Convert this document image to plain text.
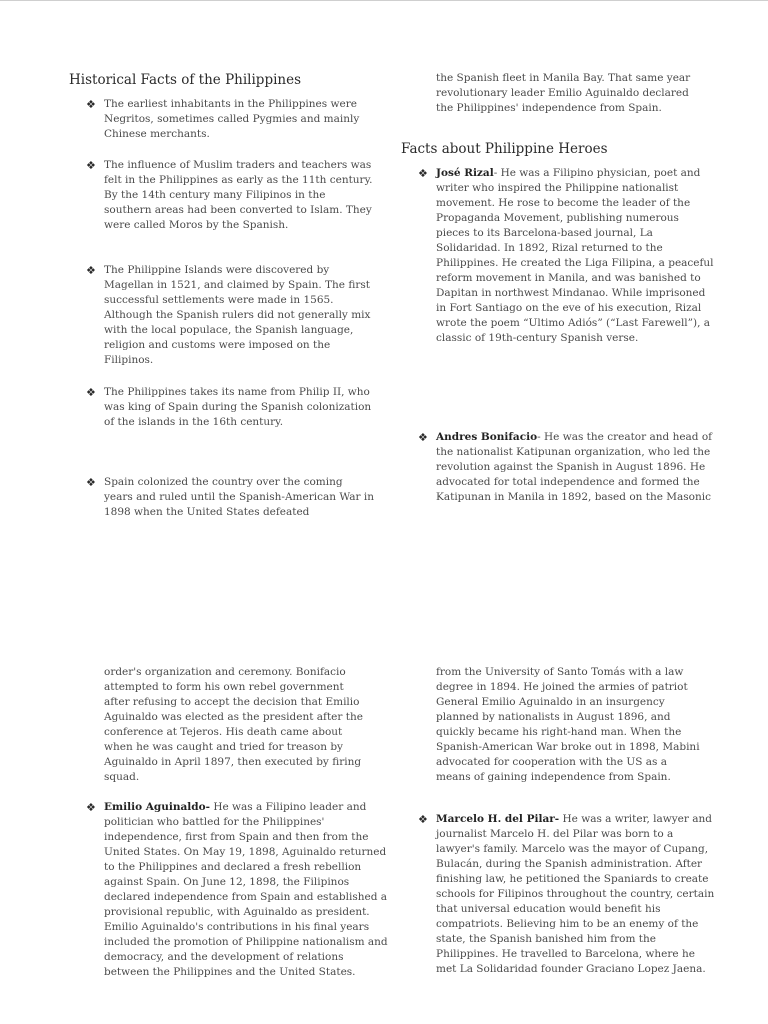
Historical Facts of the Philippines
❖ The earliest inhabitants in the Philippines were Negritos, sometimes called Pygmies and mainly Chinese merchants.

❖ The influence of Muslim traders and teachers was felt in the Philippines as early as the 11th century. By the 14th century many Filipinos in the southern areas had been converted to Islam. They were called Moros by the Spanish.

❖ The Philippine Islands were discovered by Magellan in 1521, and claimed by Spain. The first successful settlements were made in 1565. Although the Spanish rulers did not generally mix with the local populace, the Spanish language, religion and customs were imposed on the Filipinos.

❖ The Philippines takes its name from Philip II, who was king of Spain during the Spanish colonization of the islands in the 16th century.

❖ Spain colonized the country over the coming years and ruled until the Spanish-American War in 1898 when the United States defeated

the Spanish fleet in Manila Bay. That same year revolutionary leader Emilio Aguinaldo declared the Philippines' independence from Spain.
Facts about Philippine Heroes
❖ José Rizal- He was a Filipino physician, poet and writer who inspired the Philippine nationalist movement. He rose to become the leader of the Propaganda Movement, publishing numerous pieces to its Barcelona-based journal, La Solidaridad. In 1892, Rizal returned to the Philippines. He created the Liga Filipina, a peaceful reform movement in Manila, and was banished to Dapitan in northwest Mindanao. While imprisoned in Fort Santiago on the eve of his execution, Rizal wrote the poem “Ultimo Adiós” (“Last Farewell”), a classic of 19th-century Spanish verse.

❖ Andres Bonifacio- He was the creator and head of the nationalist Katipunan organization, who led the revolution against the Spanish in August 1896. He advocated for total independence and formed the Katipunan in Manila in 1892, based on the Masonic

order's organization and ceremony. Bonifacio attempted to form his own rebel government after refusing to accept the decision that Emilio Aguinaldo was elected as the president after the conference at Tejeros. His death came about when he was caught and tried for treason by Aguinaldo in April 1897, then executed by firing squad.
❖ Emilio Aguinaldo- He was a Filipino leader and politician who battled for the Philippines' independence, first from Spain and then from the United States. On May 19, 1898, Aguinaldo returned to the Philippines and declared a fresh rebellion against Spain. On June 12, 1898, the Filipinos declared independence from Spain and established a provisional republic, with Aguinaldo as president. Emilio Aguinaldo's contributions in his final years included the promotion of Philippine nationalism and democracy, and the development of relations between the Philippines and the United States.

from the University of Santo Tomás with a law degree in 1894. He joined the armies of patriot General Emilio Aguinaldo in an insurgency planned by nationalists in August 1896, and quickly became his right-hand man. When the Spanish-American War broke out in 1898, Mabini advocated for cooperation with the US as a means of gaining independence from Spain.
❖ Marcelo H. del Pilar- He was a writer, lawyer and journalist Marcelo H. del Pilar was born to a lawyer's family. Marcelo was the mayor of Cupang, Bulacán, during the Spanish administration. After finishing law, he petitioned the Spaniards to create schools for Filipinos throughout the country, certain that universal education would benefit his compatriots. Believing him to be an enemy of the state, the Spanish banished him from the Philippines. He travelled to Barcelona, where he met La Solidaridad founder Graciano Lopez Jaena.
